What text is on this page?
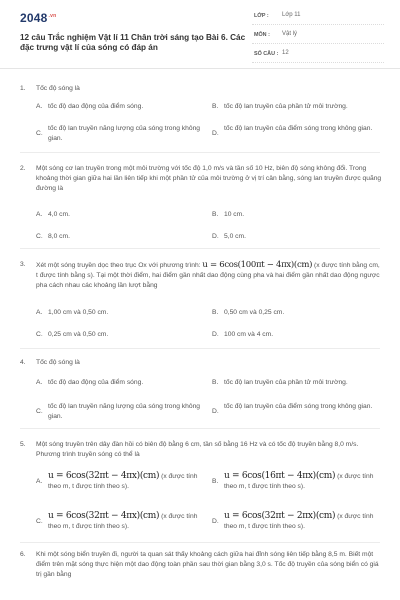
$2048^{.vn}$
12 câu Trắc nghiệm Vật lí 11 Chân trời sáng tạo Bài 6. Các đặc trưng vật lí của sóng có đáp án
LỚP : Lớp 11
MÔN : Vật lý
SỐ CÂU : 12
1.	Tốc độ sóng là
A. tốc độ dao động của điểm sóng.	B. tốc độ lan truyền của phần tử môi trường.
C.
tốc độ lan truyền năng lượng của sóng trong không gian.
D.
tốc độ lan truyền của điểm sóng trong không gian.
2.	Một sóng cơ lan truyền trong một môi trường với tốc độ 1,0 m/s và tần số 10 Hz, biên độ sóng không đổi. Trong khoảng thời gian giữa hai lần liên tiếp khi một phần tử của môi trường ở vị trí cân bằng, sóng lan truyền được quãng đường là
A. 4,0 cm.	B. 10 cm.
C. 8,0 cm.	D. 5,0 cm.
3.	Xét một sóng truyền dọc theo trục Ox với phương trình: u = 6cos(100πt − 4πx)(cm) (x được tính bằng cm, t được tính bằng s). Tại một thời điểm, hai điểm gần nhất dao động cùng pha và hai điểm gần nhất dao động ngược pha cách nhau các khoảng lần lượt bằng
A. 1,00 cm và 0,50 cm.	B. 0,50 cm và 0,25 cm.
C. 0,25 cm và 0,50 cm.	D. 100 cm và 4 cm.
4.	Tốc độ sóng là
A. tốc độ dao động của điểm sóng.	B. tốc độ lan truyền của phần tử môi trường.
C.
tốc độ lan truyền năng lượng của sóng trong không gian.
D.
tốc độ lan truyền của điểm sóng trong không gian.
5.	Một sóng truyền trên dây đàn hồi có biên độ bằng 6 cm, tần số bằng 16 Hz và có tốc độ truyền bằng 8,0 m/s. Phương trình truyền sóng có thể là
A.
u = 6cos(32πt − 4πx)(cm) (x được tính theo m, t được tính theo s).
B.
u = 6cos(16πt − 4πx)(cm) (x được tính theo m, t được tính theo s).
C.
u = 6cos(32πt − 4πx)(cm) (x được tính theo m, t được tính theo s).
D.
u = 6cos(32πt − 2πx)(cm) (x được tính theo m, t được tính theo s).
6.	Khi một sóng biển truyền đi, người ta quan sát thấy khoảng cách giữa hai đỉnh sóng liên tiếp bằng 8,5 m. Biết một điểm trên mặt sóng thực hiện một dao động toàn phần sau thời gian bằng 3,0 s. Tốc độ truyền của sóng biển có giá trị gần bằng
